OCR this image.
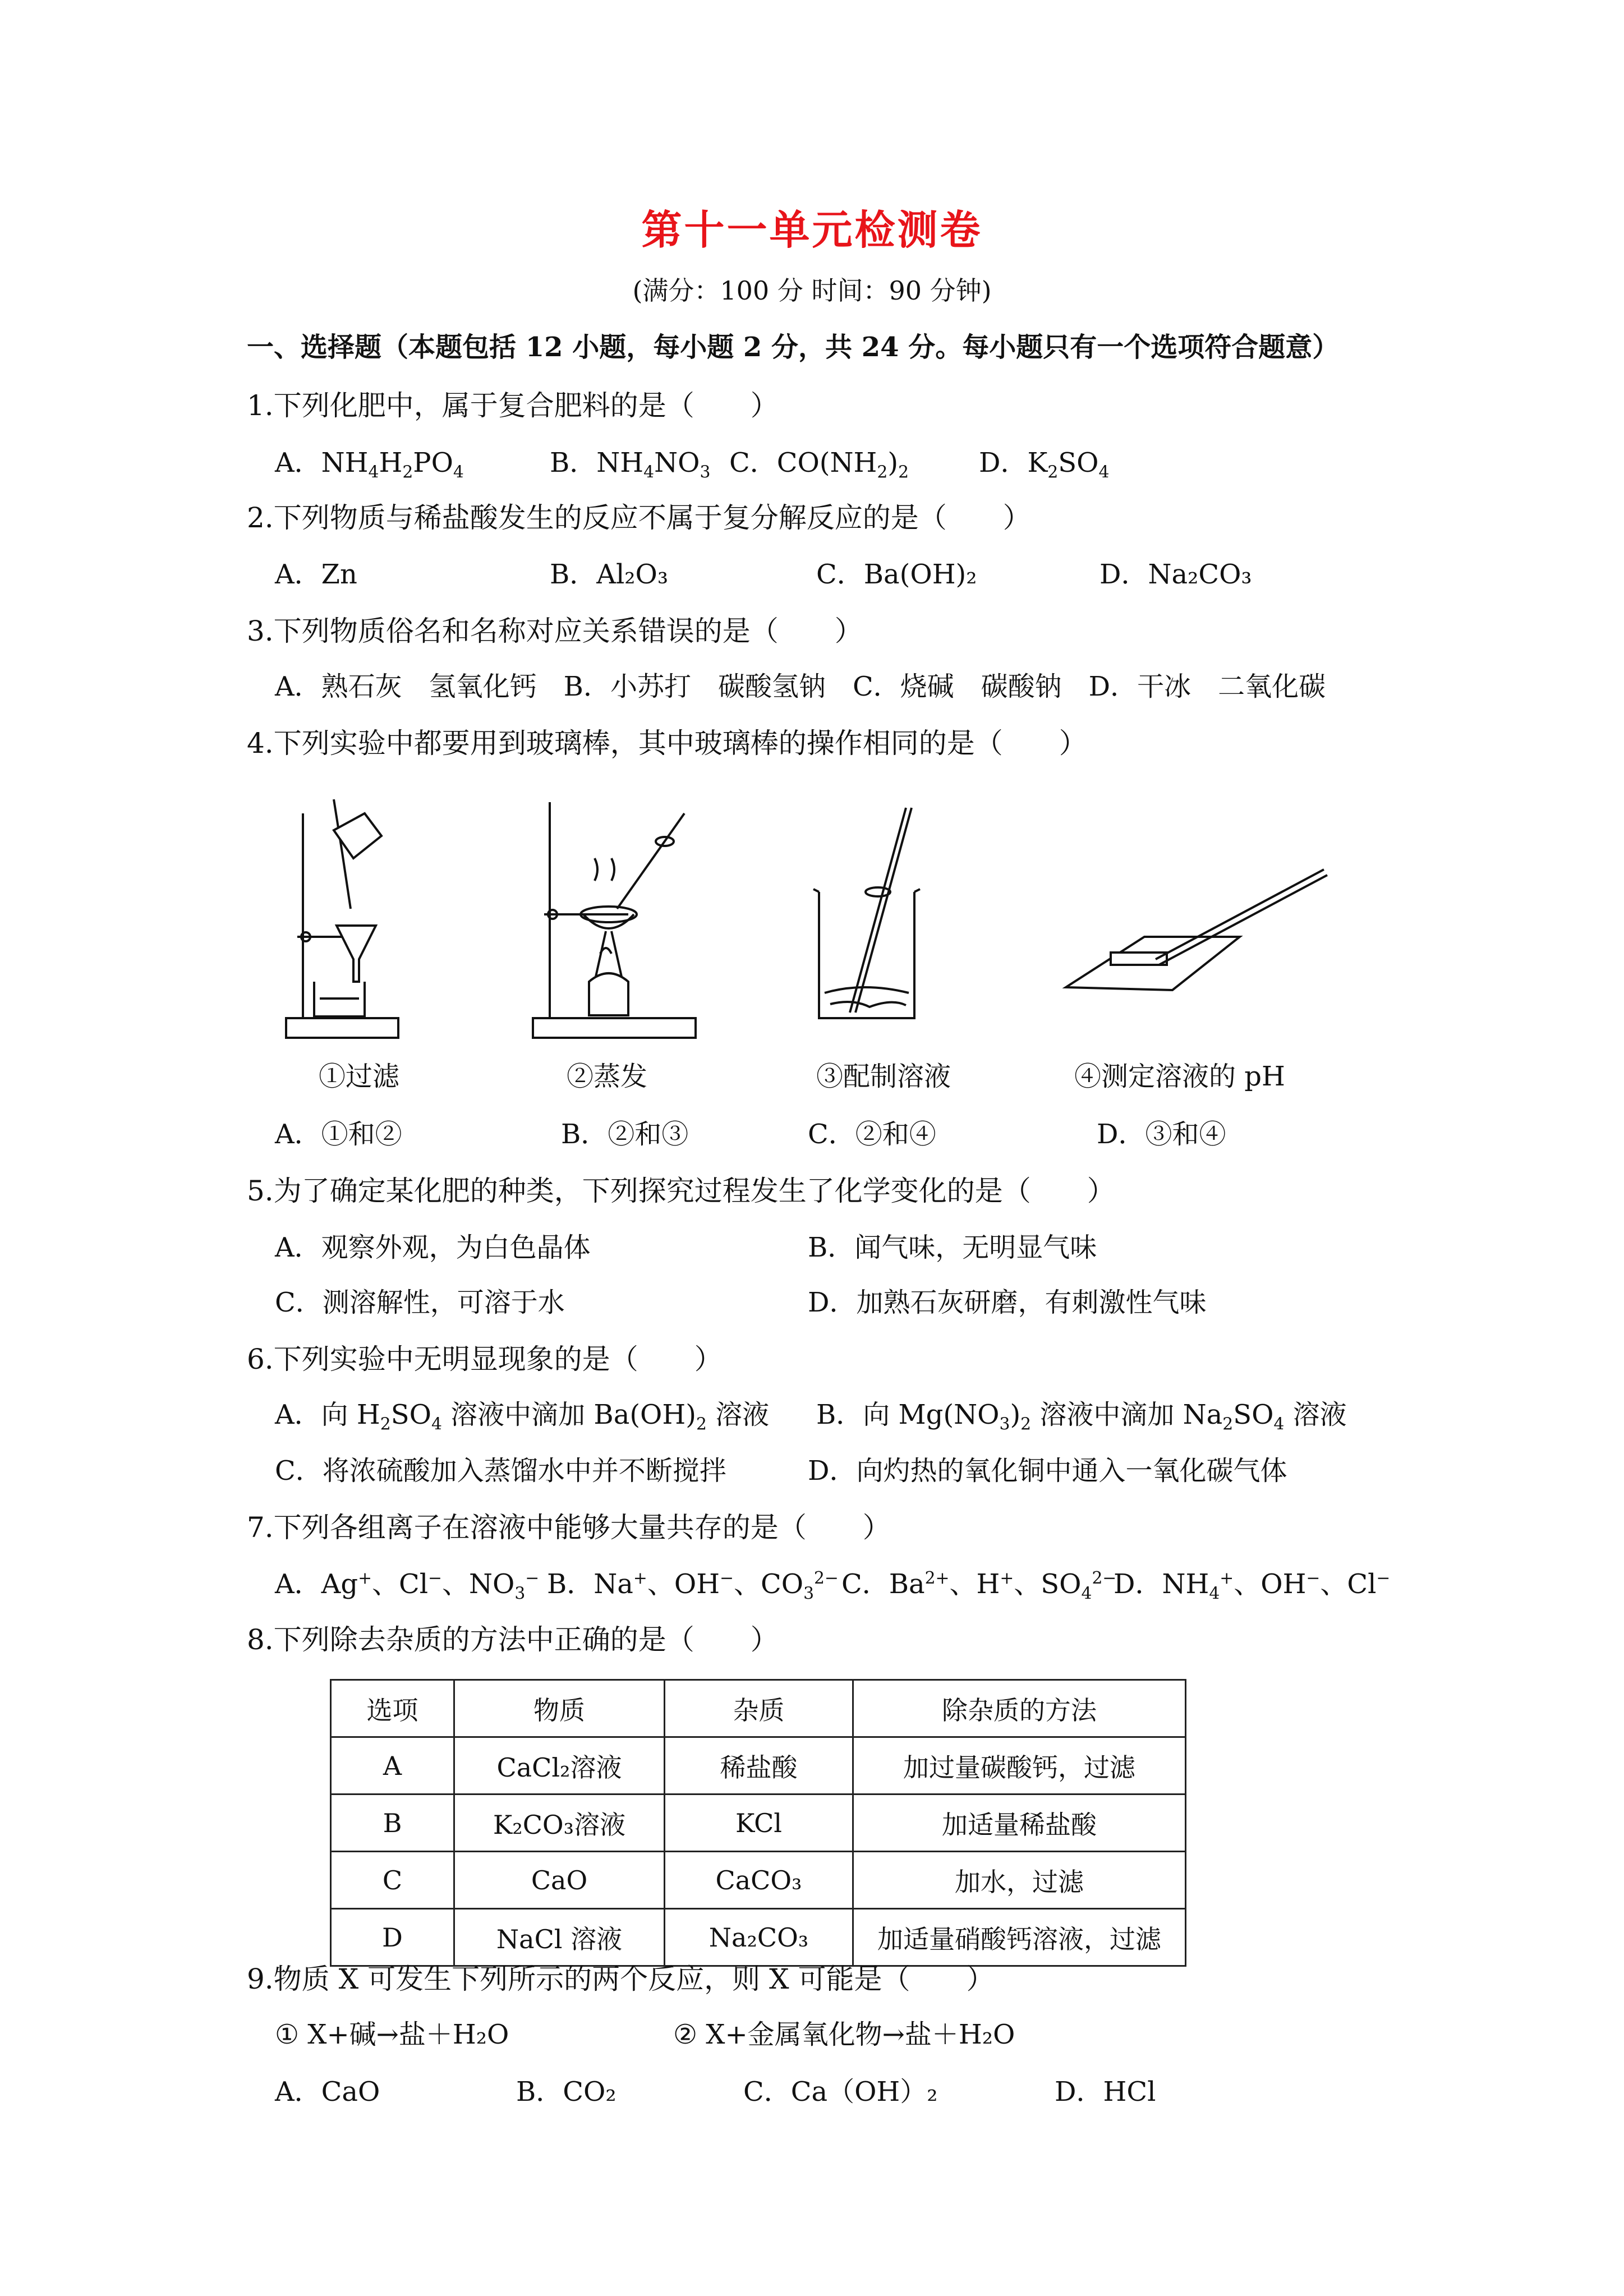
第十一单元检测卷
(满分：100 分 时间：90 分钟)
一、选择题（本题包括 12 小题，每小题 2 分，共 24 分。每小题只有一个选项符合题意）
1.下列化肥中，属于复合肥料的是（　　）
A．$NH_4H_2PO_4$	B．$NH_4NO_3$ C．$CO(NH_2)_2$	D．$K_2SO_4$
2.下列物质与稀盐酸发生的反应不属于复分解反应的是（　　）
A．Zn	B．Al₂O₃	C．Ba(OH)₂	D．Na₂CO₃
3.下列物质俗名和名称对应关系错误的是（　　）
A．熟石灰　氢氧化钙　B．小苏打　碳酸氢钠　C．烧碱　碳酸钠　D．干冰　二氧化碳
4.下列实验中都要用到玻璃棒，其中玻璃棒的操作相同的是（　　）
①过滤	②蒸发	③配制溶液	④测定溶液的 pH
A．①和②	B．②和③	C．②和④	D．③和④
5.为了确定某化肥的种类，下列探究过程发生了化学变化的是（　　）
A．观察外观，为白色晶体	B．闻气味，无明显气味
C．测溶解性，可溶于水	D．加熟石灰研磨，有刺激性气味
6.下列实验中无明显现象的是（　　）
A．向 $H_2SO_4$ 溶液中滴加 $Ba(OH)_2$ 溶液 B．向 $Mg(NO_3)_2$ 溶液中滴加 $Na_2SO_4$ 溶液
C．将浓硫酸加入蒸馏水中并不断搅拌	D．向灼热的氧化铜中通入一氧化碳气体
7.下列各组离子在溶液中能够大量共存的是（　　）
A．Ag+、Cl−、$NO_3^-$ B．Na+、OH−、$CO_3^{2-}$ C．$Ba^{2+}$、H+、$SO_4^{2-}$
D．$NH_4^+$、OH−、Cl−
8.下列除去杂质的方法中正确的是（　　）
选项	物质	杂质	除杂质的方法
A	CaCl₂溶液	稀盐酸	加过量碳酸钙，过滤
B	K₂CO₃溶液	KCl	加适量稀盐酸
C	CaO	CaCO₃	加水，过滤
D	NaCl 溶液	Na₂CO₃	加适量硝酸钙溶液，过滤
9.物质 X 可发生下列所示的两个反应，则 X 可能是（　　）
① X+碱→盐＋H₂O	② X+金属氧化物→盐＋H₂O
A．CaO	B．CO₂	C．Ca（OH）₂	D．HCl
